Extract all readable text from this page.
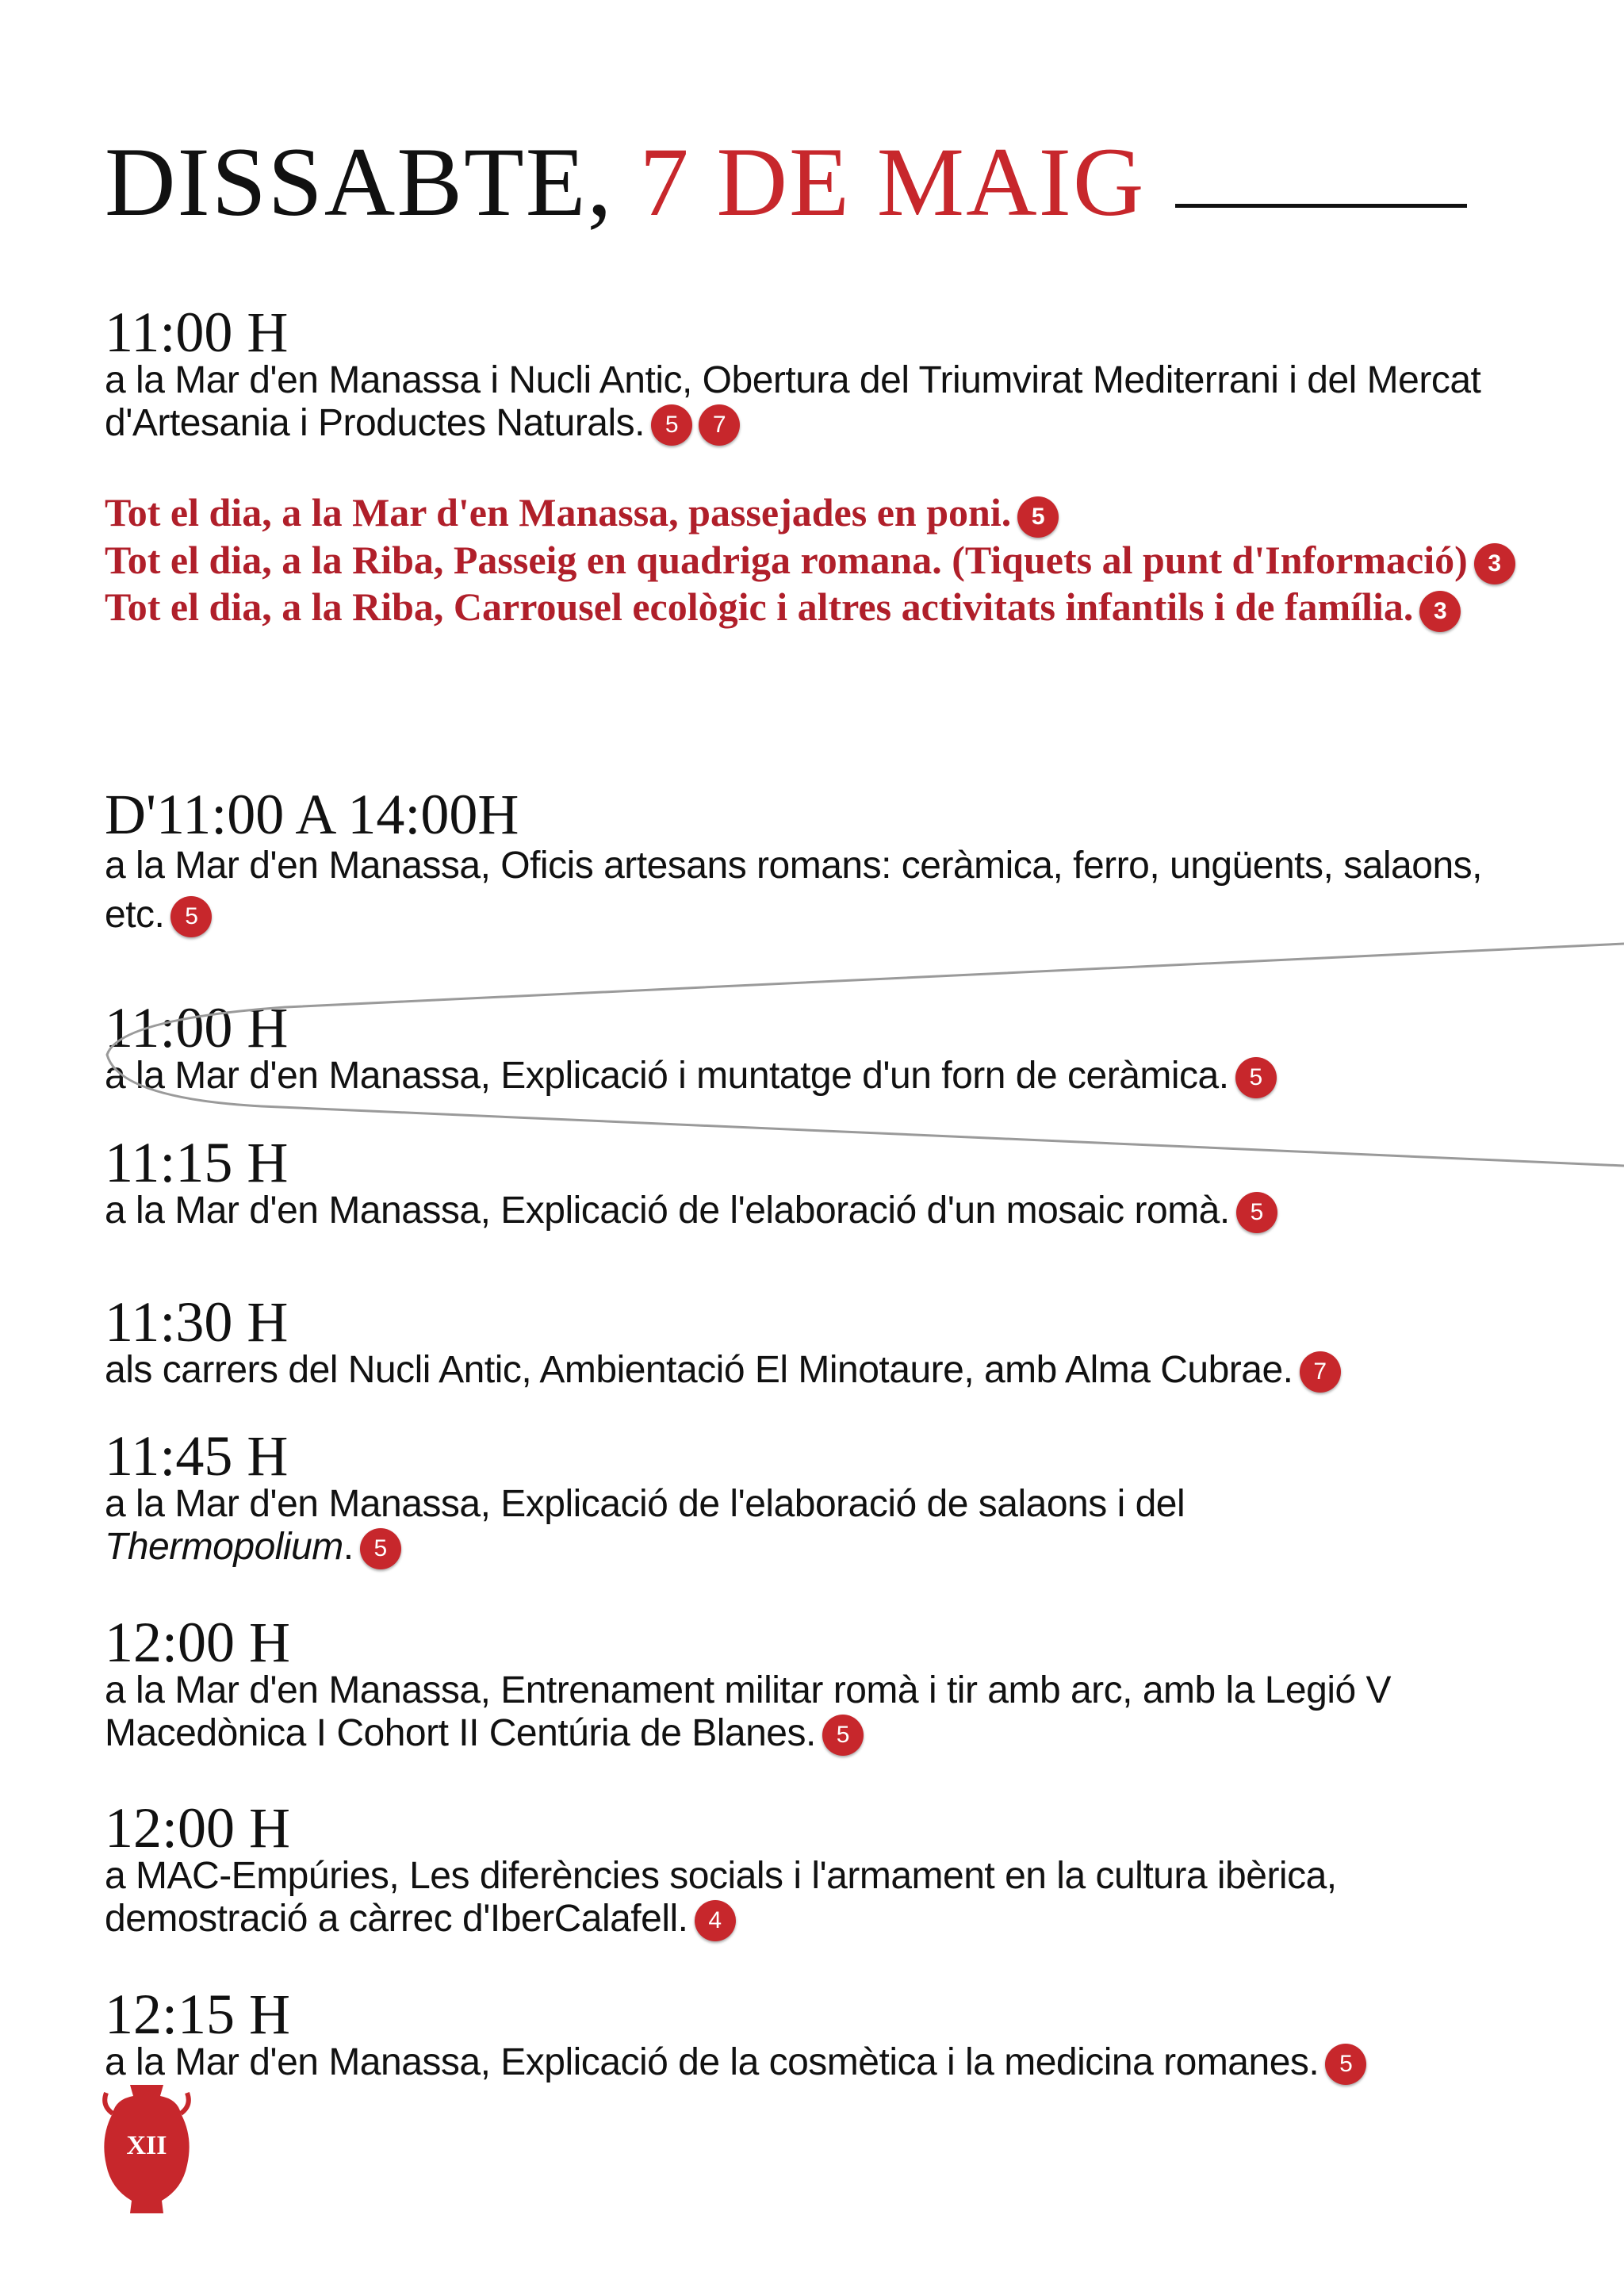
DISSABTE, 7 DE MAIG
11:00 H
a la Mar d'en Manassa i Nucli Antic, Obertura del Triumvirat Mediterrani i del Mercat d'Artesania i Productes Naturals. 5 7

Tot el dia, a la Mar d'en Manassa, passejades en poni. 5

Tot el dia, a la Riba, Passeig en quadriga romana. (Tiquets al punt d'Informació) 3

Tot el dia, a la Riba, Carrousel ecològic i altres activitats infantils i de família. 3

D'11:00 A 14:00H
a la Mar d'en Manassa, Oficis artesans romans: ceràmica, ferro, ungüents, salaons, etc. 5
11:00 H
a la Mar d'en Manassa, Explicació i muntatge d'un forn de ceràmica. 5
11:15 H
a la Mar d'en Manassa, Explicació de l'elaboració d'un mosaic romà. 5
11:30 H
als carrers del Nucli Antic, Ambientació El Minotaure, amb Alma Cubrae. 7
11:45 H
a la Mar d'en Manassa, Explicació de l'elaboració de salaons i del
Thermopolium. 5
12:00 H
a la Mar d'en Manassa, Entrenament militar romà i tir amb arc, amb la Legió V Macedònica I Cohort II Centúria de Blanes. 5
12:00 H
a MAC-Empúries, Les diferències socials i l'armament en la cultura ibèrica, demostració a càrrec d'IberCalafell. 4
12:15 H
a la Mar d'en Manassa, Explicació de la cosmètica i la medicina romanes. 5
XII
